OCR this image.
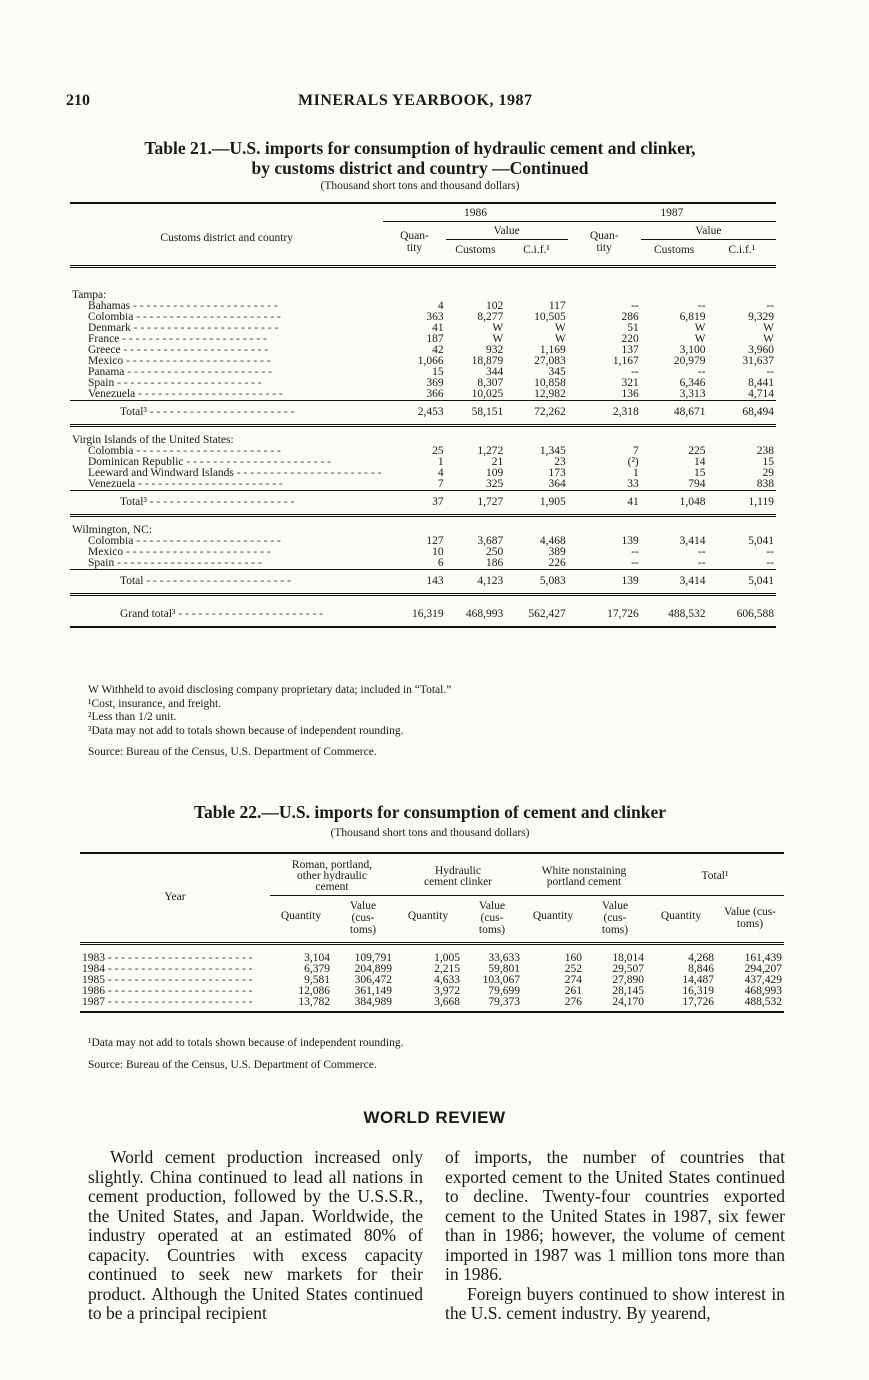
210	MINERALS YEARBOOK, 1987
Table 21.—U.S. imports for consumption of hydraulic cement and clinker,
by customs district and country —Continued
(Thousand short tons and thousand dollars)
Customs district and country	1986			1987		
	Quan- tity	Value		Quan- tity	Value	
		Customs	C.i.f.¹		Customs	C.i.f.¹

Tampa:						

Bahamas - - -	4	102	117	--	--	--

Colombia - - -	363	8,277	10,505	286	6,819	9,329

Denmark - - -	41	W	W	51	W	W

France - - -	187	W	W	220	W	W

Greece - - -	42	932	1,169	137	3,100	3,960

Mexico - - -	1,066	18,879	27,083	1,167	20,979	31,637

Panama - - -	15	344	345	--	--	--

Spain - - -	369	8,307	10,858	321	6,346	8,441

Venezuela - - -	366	10,025	12,982	136	3,313	4,714

Total³ - - -	2,453	58,151	72,262	2,318	48,671	68,494

Virgin Islands of the United States:						

Colombia - - -	25	1,272	1,345	7	225	238

Dominican Republic - - -	1	21	23	(²)	14	15

Leeward and Windward Islands - - -	4	109	173	1	15	29

Venezuela - - -	7	325	364	33	794	838

Total³ - - -	37	1,727	1,905	41	1,048	1,119

Wilmington, NC:						

Colombia - - -	127	3,687	4,468	139	3,414	5,041

Mexico - - -	10	250	389	--	--	--

Spain - - -	6	186	226	--	--	--

Total - - -	143	4,123	5,083	139	3,414	5,041

Grand total³ - - -	16,319	468,993	562,427	17,726	488,532	606,588
W Withheld to avoid disclosing company proprietary data; included in “Total.”
¹Cost, insurance, and freight.
²Less than 1/2 unit.
³Data may not add to totals shown because of independent rounding.
Source: Bureau of the Census, U.S. Department of Commerce.
Table 22.—U.S. imports for consumption of cement and clinker
(Thousand short tons and thousand dollars)
Year	Roman, portland, other hydraulic cement		Hydraulic cement clinker		White nonstaining portland cement		Total¹	
	Quantity	Value (cus- toms)	Quantity	Value (cus- toms)	Quantity	Value (cus- toms)	Quantity	Value (cus- toms)

1983 - - -	3,104	109,791	1,005	33,633	160	18,014	4,268	161,439

1984 - - -	6,379	204,899	2,215	59,801	252	29,507	8,846	294,207

1985 - - -	9,581	306,472	4,633	103,067	274	27,890	14,487	437,429

1986 - - -	12,086	361,149	3,972	79,699	261	28,145	16,319	468,993

1987 - - -	13,782	384,989	3,668	79,373	276	24,170	17,726	488,532
¹Data may not add to totals shown because of independent rounding.
Source: Bureau of the Census, U.S. Department of Commerce.
WORLD REVIEW

World cement production increased only slightly. China continued to lead all nations in cement production, followed by the U.S.S.R., the United States, and Japan. Worldwide, the industry operated at an estimated 80% of capacity. Countries with excess capacity continued to seek new markets for their product. Although the United States continued to be a principal recipient

of imports, the number of countries that exported cement to the United States continued to decline. Twenty-four countries exported cement to the United States in 1987, six fewer than in 1986; however, the volume of cement imported in 1987 was 1 million tons more than in 1986.

Foreign buyers continued to show interest in the U.S. cement industry. By yearend,
